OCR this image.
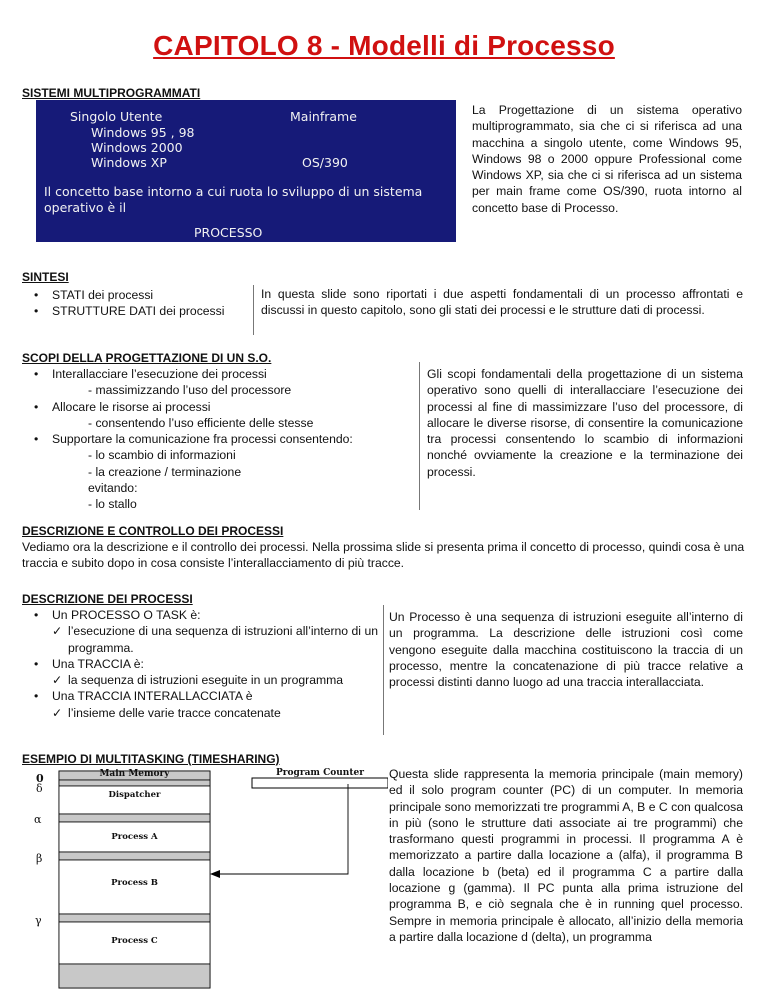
CAPITOLO 8 - Modelli di Processo
SISTEMI MULTIPROGRAMMATI
Singolo Utente
Windows 95 , 98
Windows 2000
Windows XP
Mainframe
OS/390
Il concetto base intorno a cui ruota lo sviluppo di un sistema
operativo è il
PROCESSO
La Progettazione di un sistema operativo multiprogrammato, sia che ci si riferisca ad una macchina a singolo utente, come Windows 95, Windows 98 o 2000 oppure Professional come Windows XP, sia che ci si riferisca ad un sistema per main frame come OS/390, ruota intorno al concetto base di Processo.
SINTESI
• STATI dei processi
• STRUTTURE DATI dei processi
In questa slide sono riportati i due aspetti fondamentali di un processo affrontati e discussi in questo capitolo, sono gli stati dei processi e le strutture dati di processi.
SCOPI DELLA PROGETTAZIONE DI UN S.O.
• Interallacciare l’esecuzione dei processi
- massimizzando l’uso del processore
• Allocare le risorse ai processi
- consentendo l’uso efficiente delle stesse
• Supportare la comunicazione fra processi consentendo:
- lo scambio di informazioni
- la creazione / terminazione
evitando:
- lo stallo
Gli scopi fondamentali della progettazione di un sistema operativo sono quelli di interallacciare l’esecuzione dei processi al fine di massimizzare l’uso del processore, di allocare le diverse risorse, di consentire la comunicazione tra processi consentendo lo scambio di informazioni nonché ovviamente la creazione e la terminazione dei processi.
DESCRIZIONE E CONTROLLO DEI PROCESSI
Vediamo ora la descrizione e il controllo dei processi. Nella prossima slide si presenta prima il concetto di processo, quindi cosa è una traccia e subito dopo in cosa consiste l’interallacciamento di più tracce.
DESCRIZIONE DEI PROCESSI
• Un PROCESSO O TASK è:
✓ l’esecuzione di una sequenza di istruzioni all’interno di un programma.
• Una TRACCIA è:
✓ la sequenza di istruzioni eseguite in un programma
• Una TRACCIA INTERALLACCIATA è
✓ l’insieme delle varie tracce concatenate
Un Processo è una sequenza di istruzioni eseguite all’interno di un programma. La descrizione delle istruzioni così come vengono eseguite dalla macchina costituiscono la traccia di un processo, mentre la concatenazione di più tracce relative a processi distinti danno luogo ad una traccia interallacciata.
ESEMPIO DI MULTITASKING (TIMESHARING)
Main Memory	Program Counter
Dispatcher
Process A
Process B
Process C
0
δ
α
β
γ
Questa slide rappresenta la memoria principale (main memory) ed il solo program counter (PC) di un computer. In memoria principale sono memorizzati tre programmi A, B e C con qualcosa in più (sono le strutture dati associate ai tre programmi) che trasformano questi programmi in processi. Il programma A è memorizzato a partire dalla locazione a (alfa), il programma B dalla locazione b (beta) ed il programma C a partire dalla locazione g (gamma). Il PC punta alla prima istruzione del programma B, e ciò segnala che è in running quel processo. Sempre in memoria principale è allocato, all’inizio della memoria a partire dalla locazione d (delta), un programma
